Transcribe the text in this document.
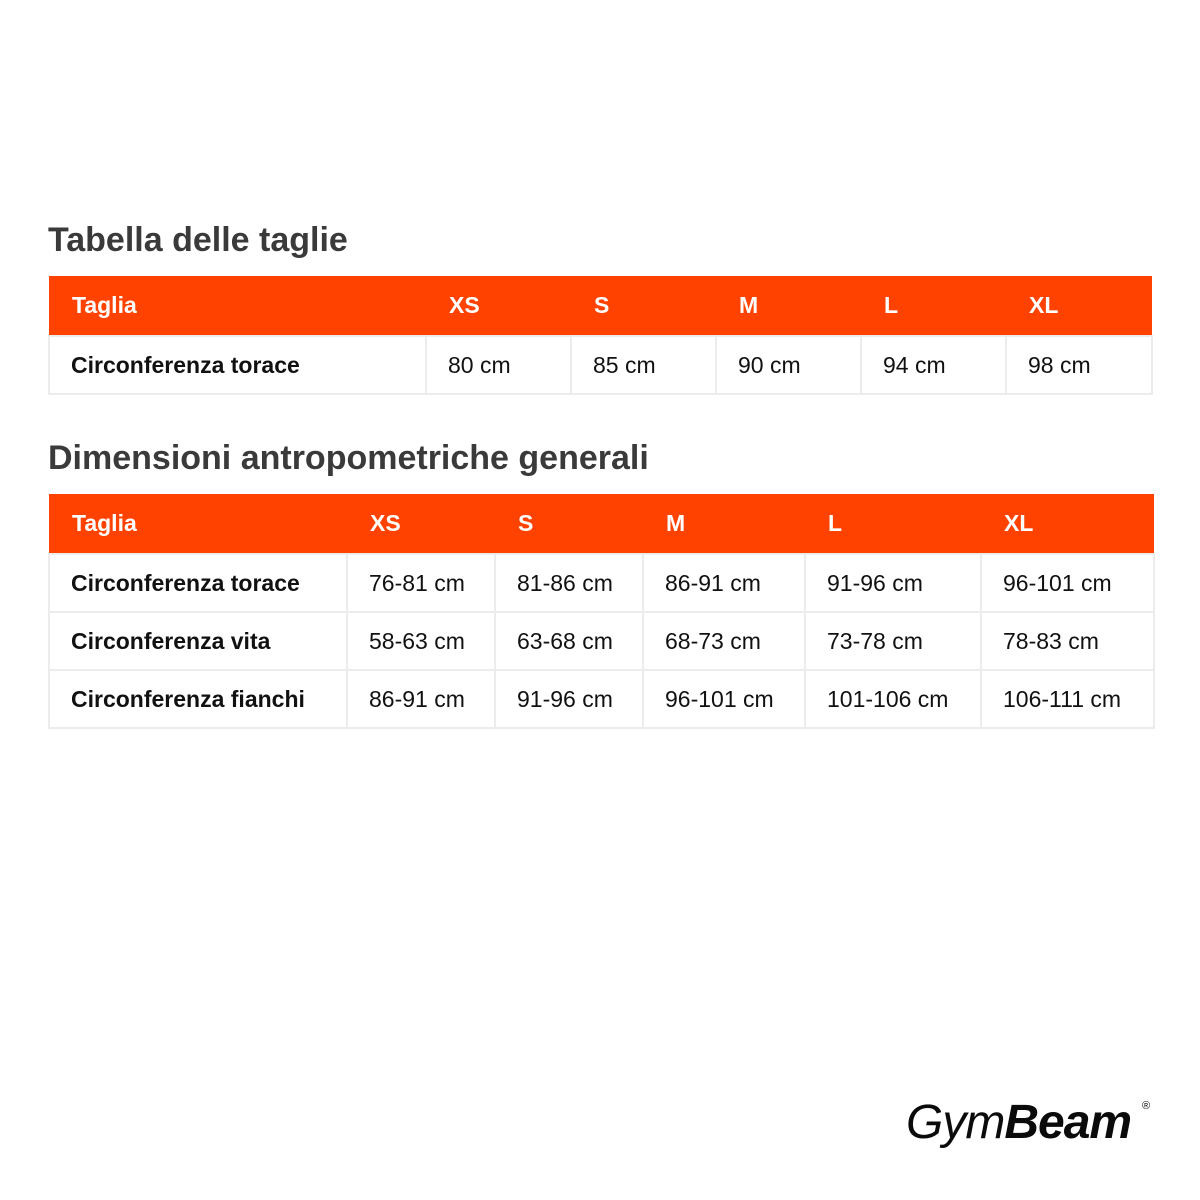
Tabella delle taglie
Taglia	XS	S	M	L	XL
Circonferenza torace	80 cm	85 cm	90 cm	94 cm	98 cm
Dimensioni antropometriche generali
Taglia	XS	S	M	L	XL
Circonferenza torace	76-81 cm	81-86 cm	86-91 cm	91-96 cm	96-101 cm
Circonferenza vita	58-63 cm	63-68 cm	68-73 cm	73-78 cm	78-83 cm
Circonferenza fianchi	86-91 cm	91-96 cm	96-101 cm	101-106 cm	106-111 cm
GymBeam ®
